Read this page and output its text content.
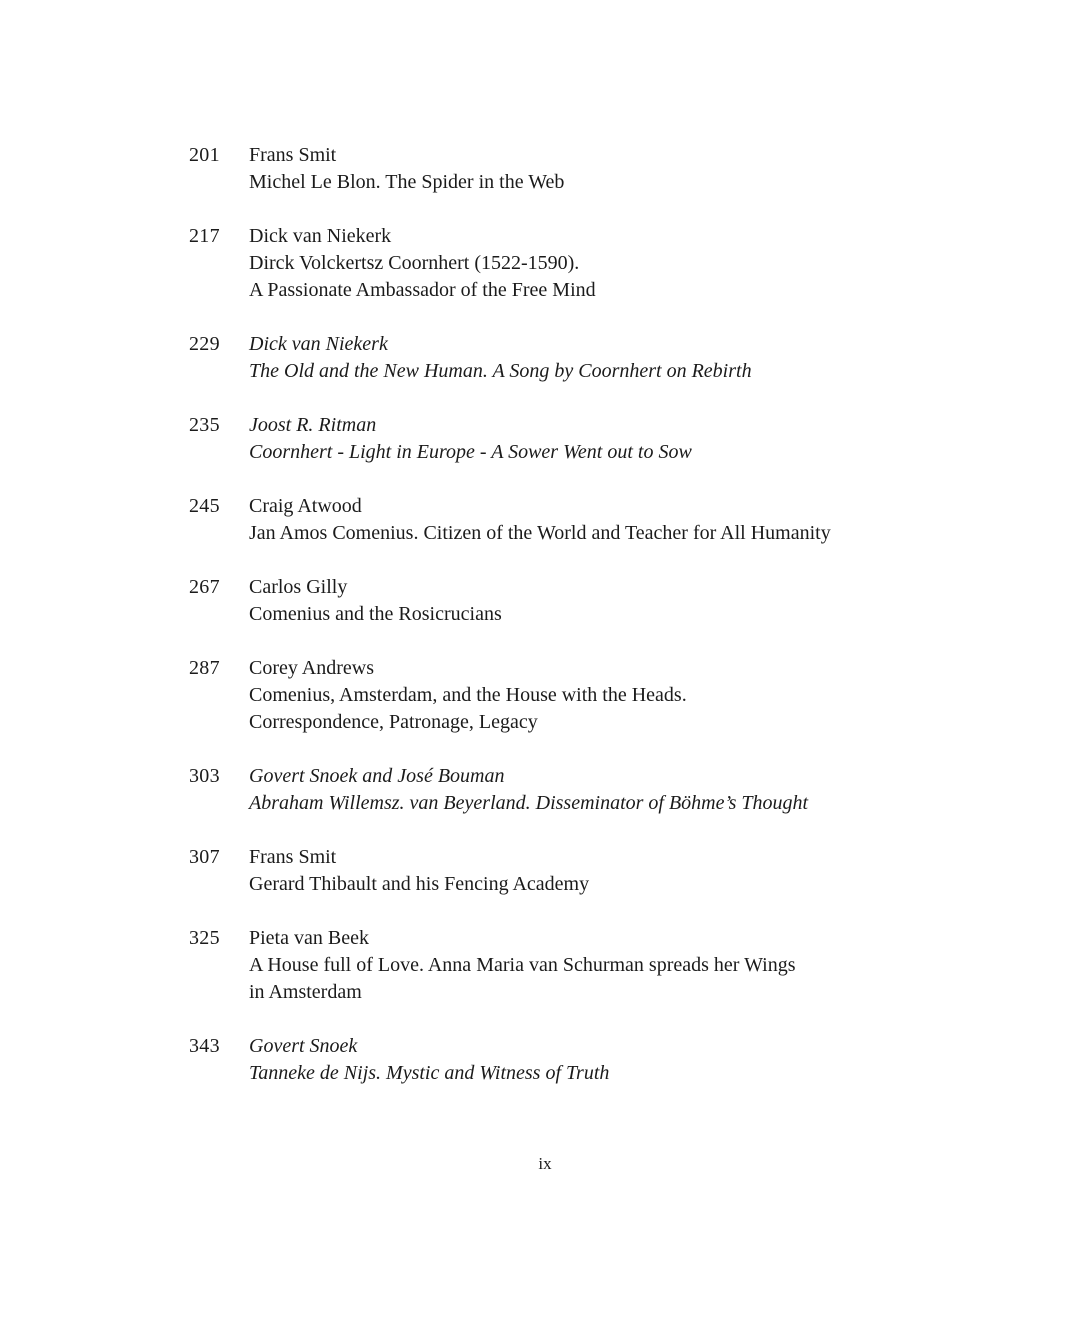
201	Frans Smit
Michel Le Blon. The Spider in the Web
217	Dick van Niekerk
Dirck Volckertsz Coornhert (1522-1590).
A Passionate Ambassador of the Free Mind
229	Dick van Niekerk
The Old and the New Human. A Song by Coornhert on Rebirth
235	Joost R. Ritman
Coornhert - Light in Europe - A Sower Went out to Sow
245	Craig Atwood
Jan Amos Comenius. Citizen of the World and Teacher for All Humanity
267	Carlos Gilly
Comenius and the Rosicrucians
287	Corey Andrews
Comenius, Amsterdam, and the House with the Heads.
Correspondence, Patronage, Legacy
303	Govert Snoek and José Bouman
Abraham Willemsz. van Beyerland. Disseminator of Böhme’s Thought
307	Frans Smit
Gerard Thibault and his Fencing Academy
325	Pieta van Beek
A House full of Love. Anna Maria van Schurman spreads her Wings
in Amsterdam
343	Govert Snoek
Tanneke de Nijs. Mystic and Witness of Truth
ix
